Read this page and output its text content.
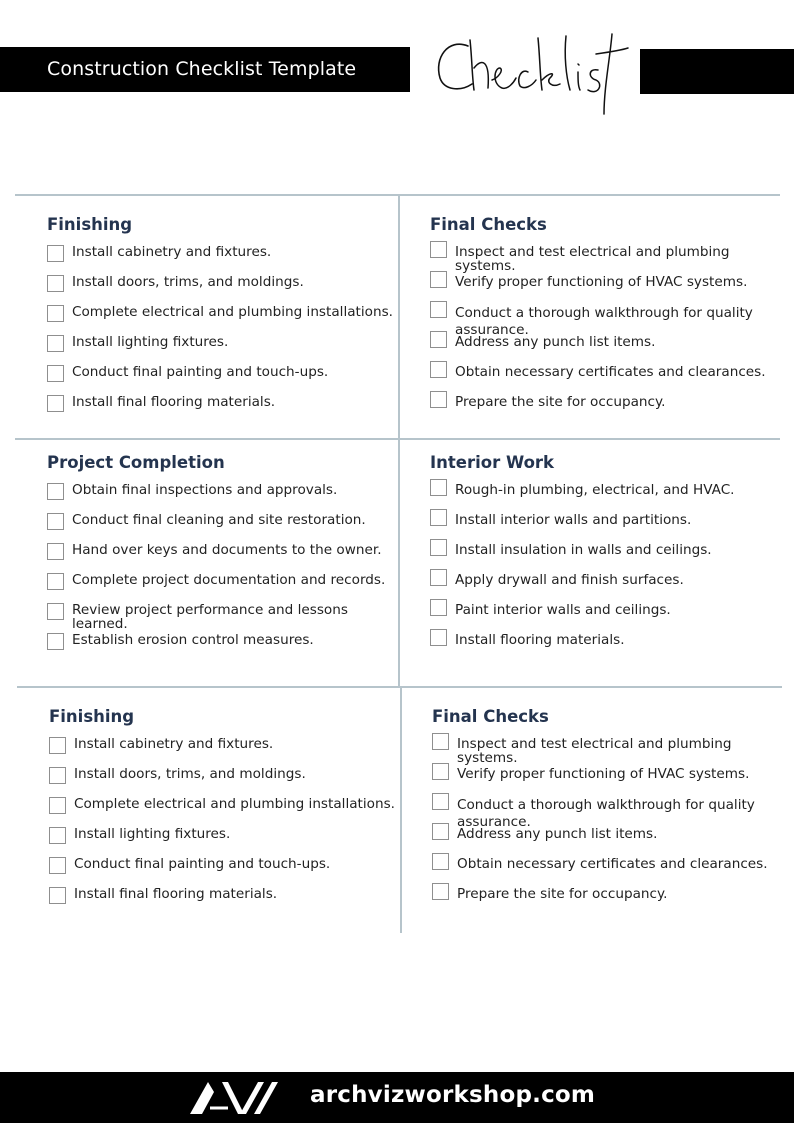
Construction Checklist Template
Finishing
Install cabinetry and fixtures.
Install doors, trims, and moldings.
Complete electrical and plumbing installations.
Install lighting fixtures.
Conduct final painting and touch-ups.
Install final flooring materials.
Final Checks
Inspect and test electrical and plumbing systems.
Verify proper functioning of HVAC systems.
Conduct a thorough walkthrough for quality assurance.
Address any punch list items.
Obtain necessary certificates and clearances.
Prepare the site for occupancy.
Project Completion
Obtain final inspections and approvals.
Conduct final cleaning and site restoration.
Hand over keys and documents to the owner.
Complete project documentation and records.
Review project performance and lessons learned.
Establish erosion control measures.
Interior Work
Rough-in plumbing, electrical, and HVAC.
Install interior walls and partitions.
Install insulation in walls and ceilings.
Apply drywall and finish surfaces.
Paint interior walls and ceilings.
Install flooring materials.
Finishing
Install cabinetry and fixtures.
Install doors, trims, and moldings.
Complete electrical and plumbing installations.
Install lighting fixtures.
Conduct final painting and touch-ups.
Install final flooring materials.
Final Checks
Inspect and test electrical and plumbing systems.
Verify proper functioning of HVAC systems.
Conduct a thorough walkthrough for quality assurance.
Address any punch list items.
Obtain necessary certificates and clearances.
Prepare the site for occupancy.
archvizworkshop.com
